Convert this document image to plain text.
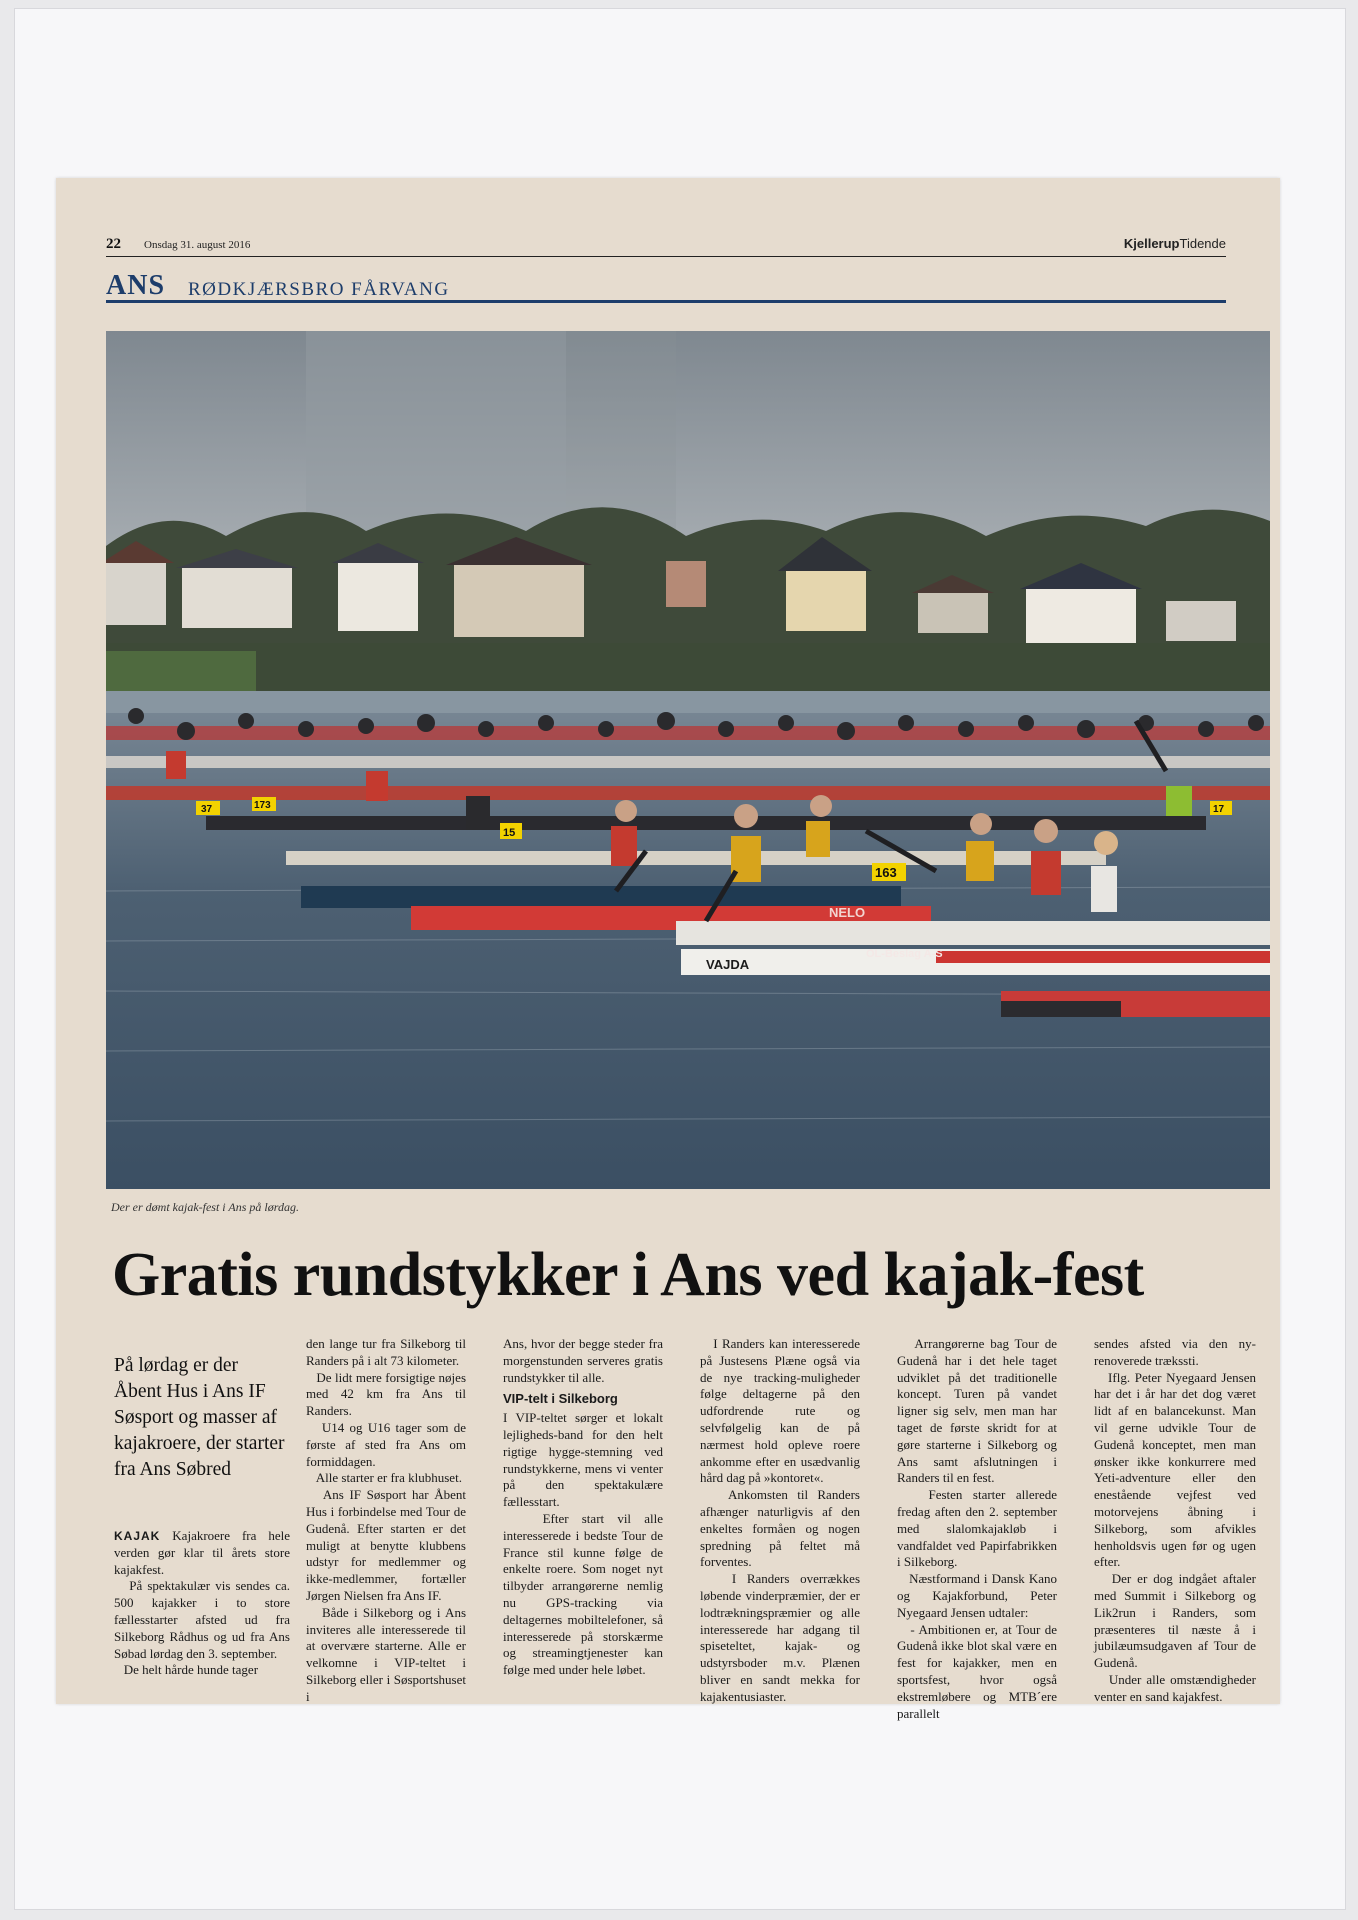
22 Onsdag 31. august 2016	KjellerupTidende
ANS RØDKJÆRSBRO FÅRVANG
NELO
VAJDA
OL-Beslag A-S
163
15
173
37	17
Der er dømt kajak-fest i Ans på lørdag.
Gratis rundstykker i Ans ved kajak-fest
På lørdag er der Åbent Hus i Ans IF Søsport og masser af kajakroere, der starter fra Ans Søbred

KAJAK Kajakroere fra hele verden gør klar til årets store kajakfest.

På spektakulær vis sendes ca. 500 kajakker i to store fællesstarter afsted ud fra Silkeborg Rådhus og ud fra Ans Søbad lørdag den 3. september.

De helt hårde hunde tager

den lange tur fra Silkeborg til Randers på i alt 73 kilometer.

De lidt mere forsigtige nøjes med 42 km fra Ans til Randers.

U14 og U16 tager som de første af sted fra Ans om formiddagen.

Alle starter er fra klubhuset.

Ans IF Søsport har Åbent Hus i forbindelse med Tour de Gudenå. Efter starten er det muligt at benytte klubbens udstyr for medlemmer og ikke-medlemmer, fortæller Jørgen Nielsen fra Ans IF.

Både i Silkeborg og i Ans inviteres alle interesserede til at overvære starterne. Alle er velkomne i VIP-teltet i Silkeborg eller i Søsportshuset i

Ans, hvor der begge steder fra morgenstunden serveres gratis rundstykker til alle.

VIP-telt i Silkeborg

I VIP-teltet sørger et lokalt lejligheds-band for den helt rigtige hygge-stemning ved rundstykkerne, mens vi venter på den spektakulære fællesstart.

Efter start vil alle interesserede i bedste Tour de France stil kunne følge de enkelte roere. Som noget nyt tilbyder arrangørerne nemlig nu GPS-tracking via deltagernes mobiltelefoner, så interesserede på storskærme og streamingtjenester kan følge med under hele løbet.

I Randers kan interesserede på Justesens Plæne også via de nye tracking-muligheder følge deltagerne på den udfordrende rute og selvfølgelig kan de på nærmest hold opleve roere ankomme efter en usædvanlig hård dag på »kontoret«.

Ankomsten til Randers afhænger naturligvis af den enkeltes formåen og nogen spredning på feltet må forventes.

I Randers overrækkes løbende vinderpræmier, der er lodtrækningspræmier og alle interesserede har adgang til spiseteltet, kajak- og udstyrsboder m.v. Plænen bliver en sandt mekka for kajakentusiaster.

Arrangørerne bag Tour de Gudenå har i det hele taget udviklet på det traditionelle koncept. Turen på vandet ligner sig selv, men man har taget de første skridt for at gøre starterne i Silkeborg og Ans samt afslutningen i Randers til en fest.

Festen starter allerede fredag aften den 2. september med slalomkajakløb i vandfaldet ved Papirfabrikken i Silkeborg.

Næstformand i Dansk Kano og Kajakforbund, Peter Nyegaard Jensen udtaler:

- Ambitionen er, at Tour de Gudenå ikke blot skal være en fest for kajakker, men en sportsfest, hvor også ekstremløbere og MTB´ere parallelt

sendes afsted via den ny-renoverede trækssti.

Iflg. Peter Nyegaard Jensen har det i år har det dog været lidt af en balancekunst. Man vil gerne udvikle Tour de Gudenå konceptet, men man ønsker ikke konkurrere med Yeti-adventure eller den enestående vejfest ved motorvejens åbning i Silkeborg, som afvikles henholdsvis ugen før og ugen efter.

Der er dog indgået aftaler med Summit i Silkeborg og Lik2run i Randers, som præsenteres til næste å i jubilæumsudgaven af Tour de Gudenå.

Under alle omstændigheder venter en sand kajakfest.
